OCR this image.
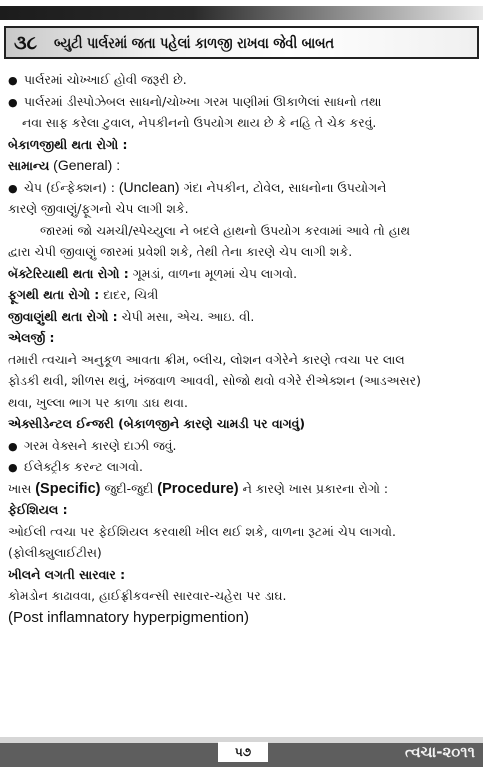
૩૮	બ્યુટી પાર્લરમાં જતા પહેલાં કાળજી રાખવા જેવી બાબત
● પાર્લરમાં ચોખ્ખાઈ હોવી જરૂરી છે.
● પાર્લરમાં ડીસ્પોઝેબલ સાધનો/ચોખ્ખા ગરમ પાણીમાં ઊકાળેલાં સાધનો તથા
નવા સાફ કરેલા ટુવાલ, નેપકીનનો ઉપયોગ થાય છે કે નહિ તે ચેક કરવું.
બેકાળજીથી થતા રોગો :
સામાન્ય (General) :
● ચેપ (ઈન્ફેક્શન) : (Unclean) ગંદા નેપકીન, ટોવેલ, સાધનોના ઉપયોગને
કારણે જીવાણું/ફૂગનો ચેપ લાગી શકે.
જારમાં જો ચમચી/સ્પેચ્યુલા ને બદલે હાથનો ઉપયોગ કરવામાં આવે તો હાથ
દ્વારા ચેપી જીવાણું જારમાં પ્રવેશી શકે, તેથી તેના કારણે ચેપ લાગી શકે.
બૅક્ટેરિયાથી થતા રોગો : ગૂમડાં, વાળના મૂળમાં ચેપ લાગવો.
ફૂગથી થતા રોગો : દાદર, ચિત્રી
જીવાણુંથી થતા રોગો : ચેપી મસા, એચ. આઇ. વી.
એલર્જી :
તમારી ત્વચાને અનુકૂળ આવતા ક્રીમ, બ્લીચ, લોશન વગેરેને કારણે ત્વચા પર લાલ
ફોડકી થવી, શીળસ થવું, ખંજવાળ આવવી, સોજો થવો વગેરે રીએક્શન (આડઅસર)
થવા, ખુલ્લા ભાગ પર કાળા ડાઘ થવા.
એક્સીડેન્ટલ ઈન્જરી (બેકાળજીને કારણે ચામડી પર વાગવું)
● ગરમ વેક્સને કારણે દાઝી જવું.
● ઈલેક્ટ્રીક કરન્ટ લાગવો.
ખાસ (Specific) જુદી-જુદી (Procedure) ને કારણે ખાસ પ્રકારના રોગો :
ફેઈશિયલ :
ઓઈલી ત્વચા પર ફેઈશિયલ કરવાથી ખીલ થઈ શકે, વાળના રૂટમાં ચેપ લાગવો.
(ફોલીક્યુલાઈટીસ)
ખીલને લગતી સારવાર :
કોમડોન કાઢાવવા, હાઈફ્રીકવન્સી સારવાર-ચહેરા પર ડાઘ.
(Post inflamnatory hyperpigmention)
૫૭	ત્વચા-૨૦૧૧
